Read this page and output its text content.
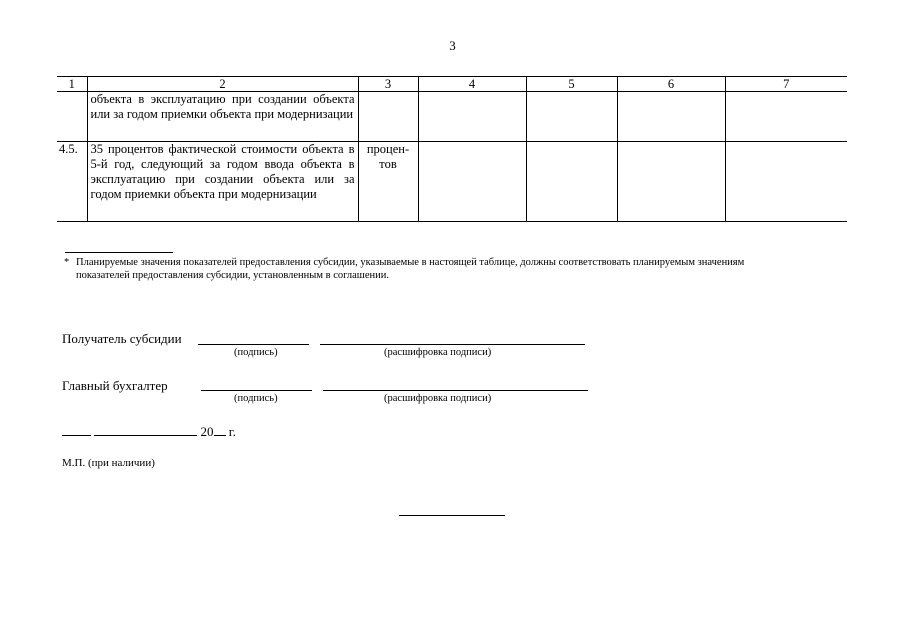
3
1	2	3	4	5	6	7
	объекта в эксплуатацию при создании объекта или за годом приемки объекта при модернизации					
4.5.	35 процентов фактической стоимости объекта в 5-й год, следующий за годом ввода объекта в эксплуатацию при создании объекта или за годом приемки объекта при модернизации	процен-тов				
* Планируемые значения показателей предоставления субсидии, указываемые в настоящей таблице, должны соответствовать планируемым значениям
показателей предоставления субсидии, установленным в соглашении.
Получатель субсидии
(подпись)	(расшифровка подписи)
Главный бухгалтер
(подпись)	(расшифровка подписи)
20 г.
М.П. (при наличии)
